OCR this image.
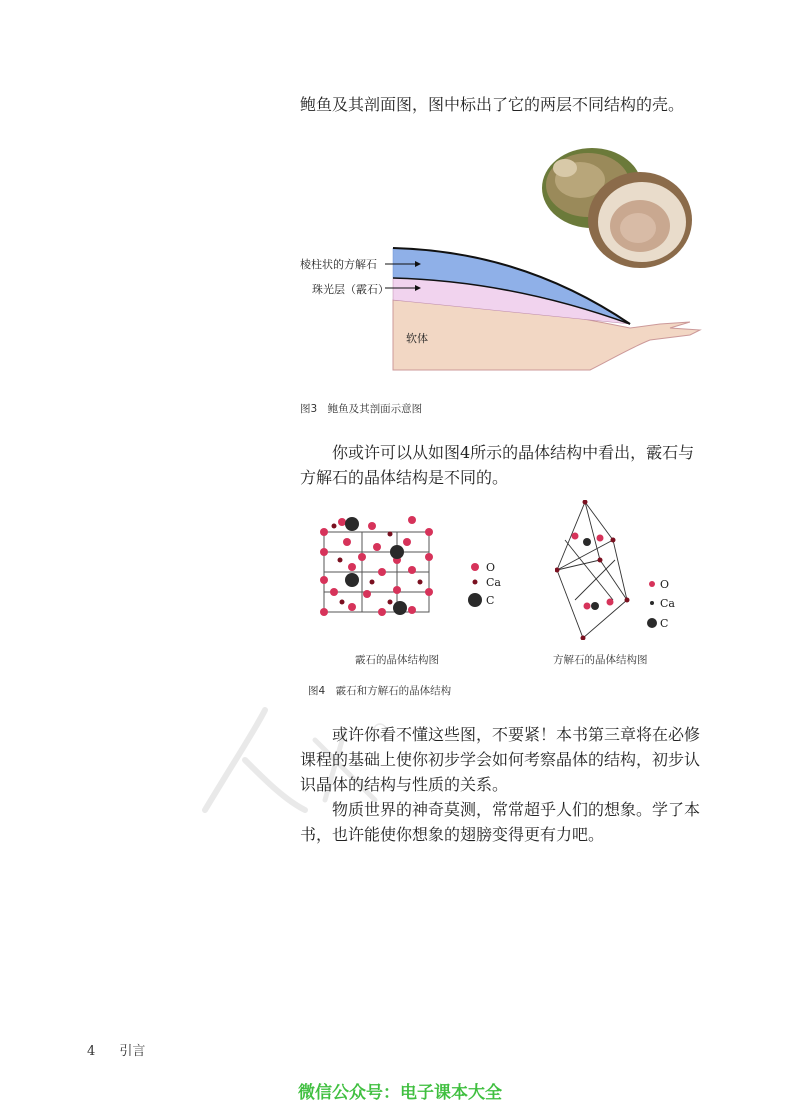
鲍鱼及其剖面图，图中标出了它的两层不同结构的壳。
棱柱状的方解石
珠光层（霰石）
软体
图3　鲍鱼及其剖面示意图
你或许可以从如图4所示的晶体结构中看出，霰石与方解石的晶体结构是不同的。
O
Ca
C
O
Ca
C
霰石的晶体结构图	方解石的晶体结构图
图4　霰石和方解石的晶体结构
或许你看不懂这些图，不要紧！本书第三章将在必修课程的基础上使你初步学会如何考察晶体的结构，初步认识晶体的结构与性质的关系。
物质世界的神奇莫测，常常超乎人们的想象。学了本书，也许能使你想象的翅膀变得更有力吧。
4 引言
微信公众号：电子课本大全
